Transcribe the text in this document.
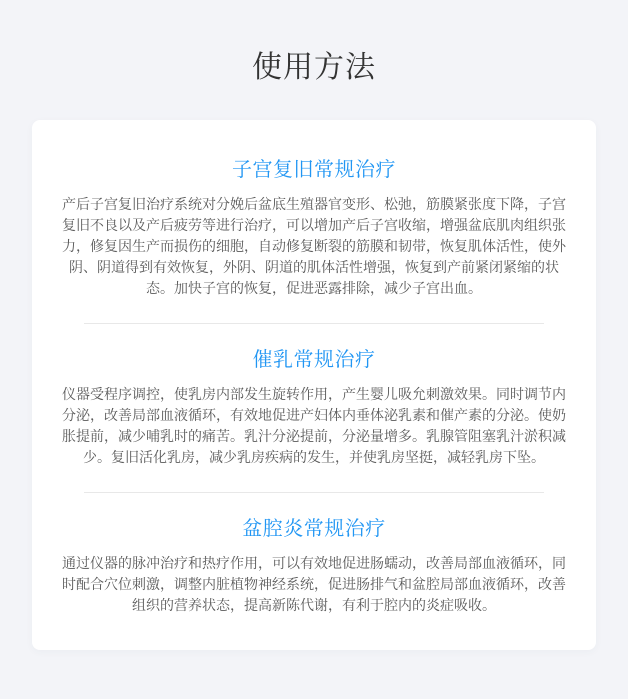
使用方法
子宫复旧常规治疗

产后子宫复旧治疗系统对分娩后盆底生殖器官变形、松弛，筋膜紧张度下降，子宫复旧不良以及产后疲劳等进行治疗，可以增加产后子宫收缩，增强盆底肌肉组织张力，修复因生产而损伤的细胞，自动修复断裂的筋膜和韧带，恢复肌体活性，使外阴、阴道得到有效恢复，外阴、阴道的肌体活性增强，恢复到产前紧闭紧缩的状态。加快子宫的恢复，促进恶露排除，减少子宫出血。

催乳常规治疗

仪器受程序调控，使乳房内部发生旋转作用，产生婴儿吸允刺激效果。同时调节内分泌，改善局部血液循环，有效地促进产妇体内垂体泌乳素和催产素的分泌。使奶胀提前，减少哺乳时的痛苦。乳汁分泌提前，分泌量增多。乳腺管阻塞乳汁淤积减少。复旧活化乳房，减少乳房疾病的发生，并使乳房坚挺，减轻乳房下坠。

盆腔炎常规治疗

通过仪器的脉冲治疗和热疗作用，可以有效地促进肠蠕动，改善局部血液循环，同时配合穴位刺激，调整内脏植物神经系统，促进肠排气和盆腔局部血液循环，改善组织的营养状态，提高新陈代谢，有利于腔内的炎症吸收。
